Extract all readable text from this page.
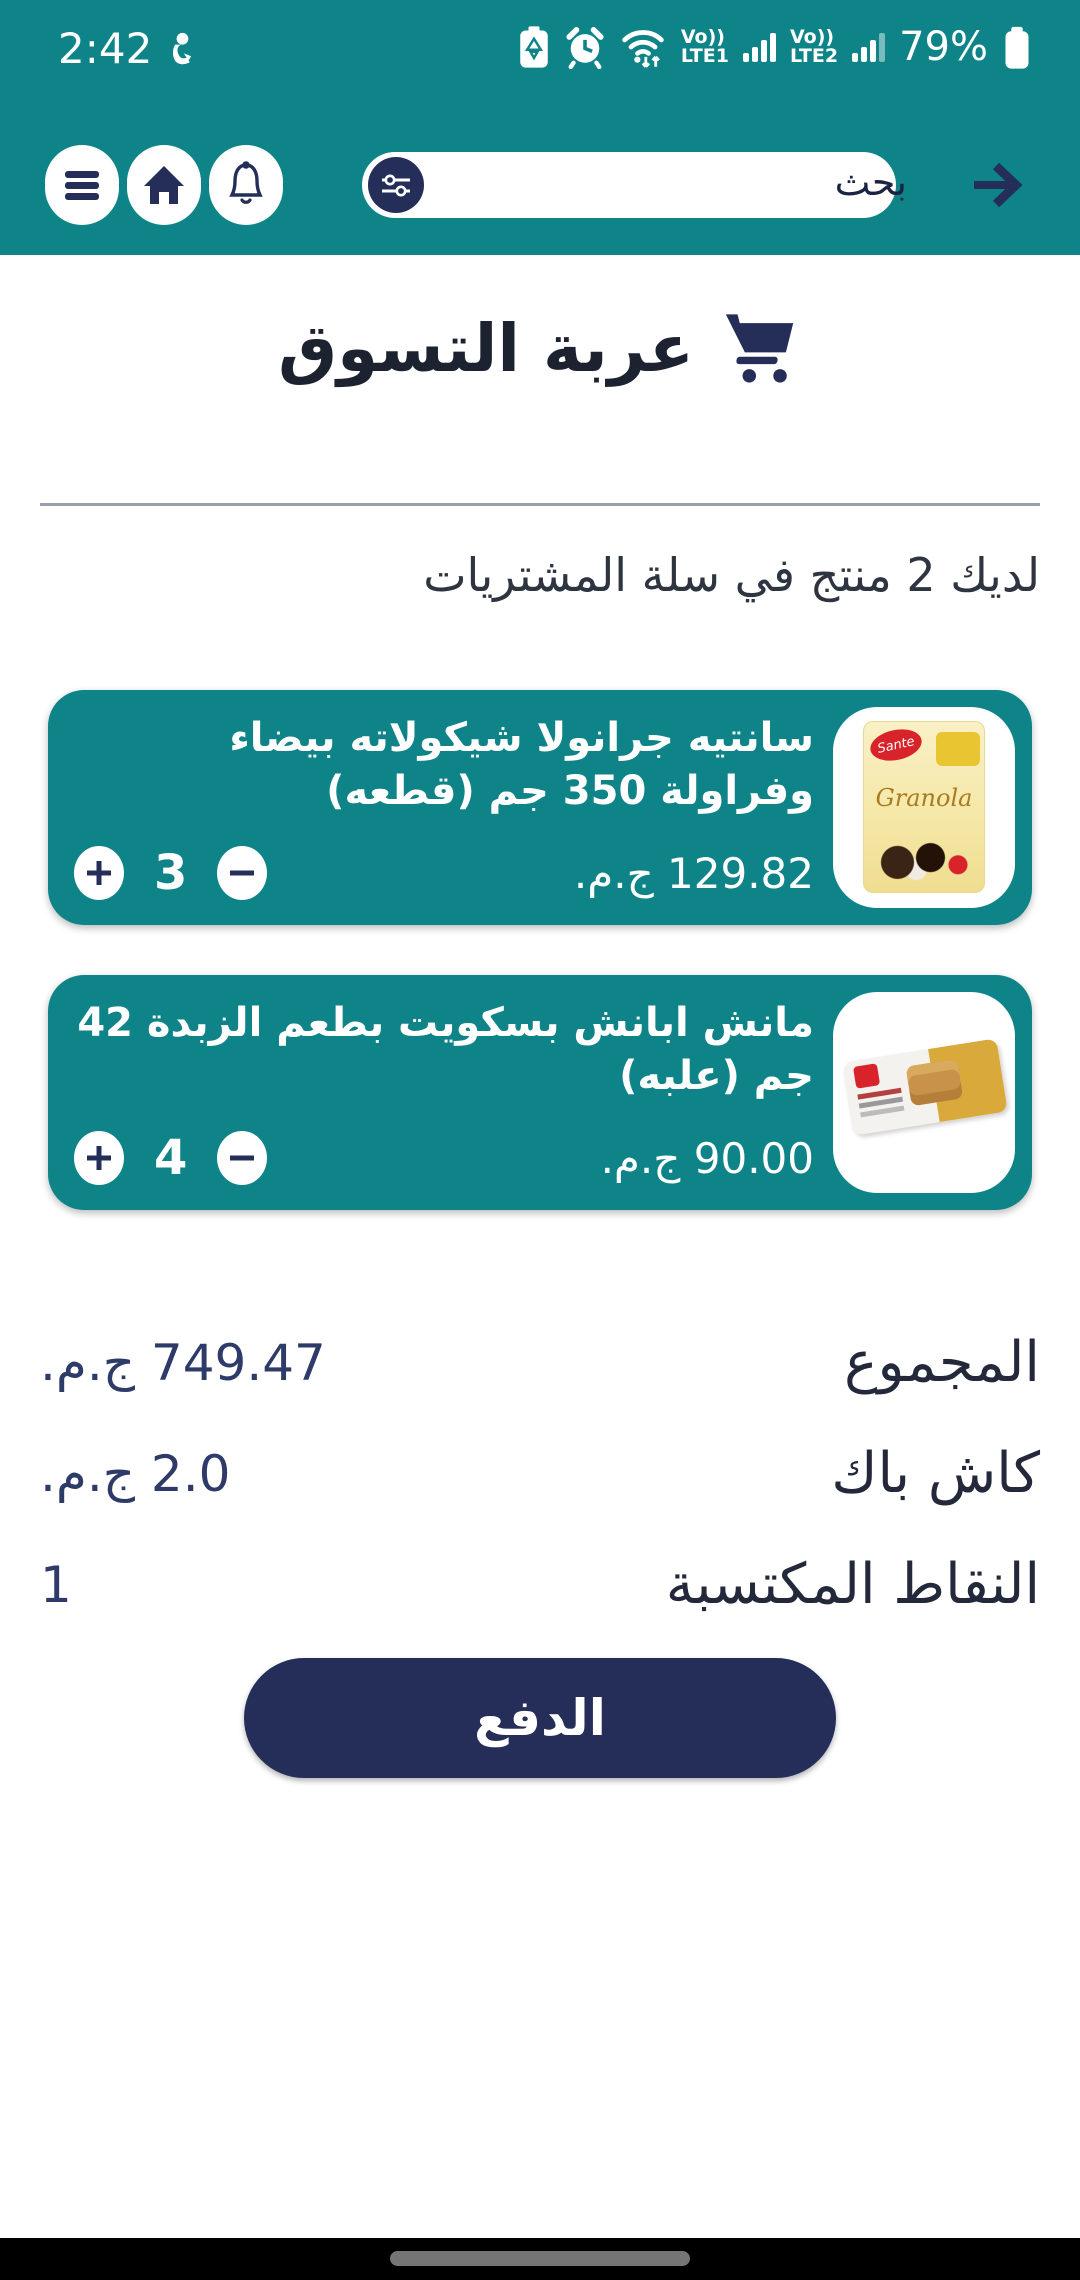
2:42	Vo))
LTE1
Vo))
LTE2 79%
بحث
عربة التسوق
لديك 2 منتج في سلة المشتريات
Sante
Granola
سانتيه جرانولا شيكولاته بيضاء وفراولة 350 جم (قطعه)
3	129.82 ج.م.
مانش ابانش بسكويت بطعم الزبدة 42 جم (علبه)
4	90.00 ج.م.
المجموع
749.47 ج.م.
كاش باك
2.0 ج.م.
النقاط المكتسبة
1
الدفع
